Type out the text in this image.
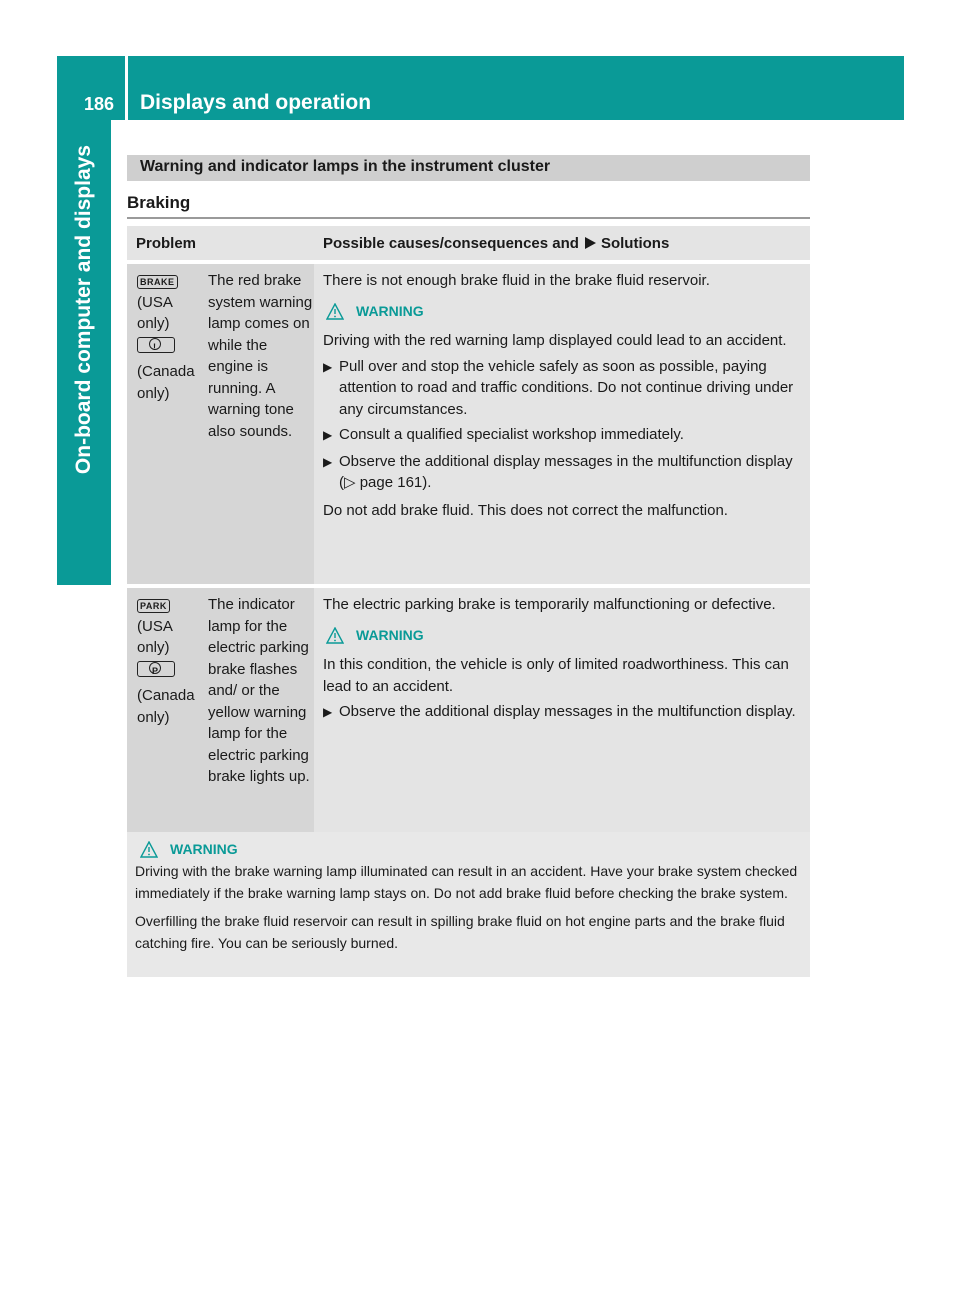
186 Displays and operation
On-board computer and displays	Warning and indicator lamps in the instrument cluster
Braking
Problem	Possible causes/consequences and Solutions
BRAKE
(USA only)
!
(Canada only)
The red brake system warning lamp comes on while the engine is running. A warning tone also sounds.

There is not enough brake fluid in the brake fluid reservoir.

WARNING

Driving with the red warning lamp displayed could lead to an accident.

▶ Pull over and stop the vehicle safely as soon as possible, paying attention to road and traffic conditions. Do not continue driving under any circumstances.
▶ Consult a qualified specialist workshop immediately.
▶ Observe the additional display messages in the multifunction display (▷ page 161).

Do not add brake fluid. This does not correct the malfunction.

PARK
(USA only)
P
(Canada only)
The indicator lamp for the electric parking brake flashes and/ or the yellow warning lamp for the electric parking brake lights up.

The electric parking brake is temporarily malfunctioning or defective.

WARNING

In this condition, the vehicle is only of limited roadworthiness. This can lead to an accident.

▶ Observe the additional display messages in the multifunction display.
WARNING

Driving with the brake warning lamp illuminated can result in an accident. Have your brake system checked immediately if the brake warning lamp stays on. Do not add brake fluid before checking the brake system.

Overfilling the brake fluid reservoir can result in spilling brake fluid on hot engine parts and the brake fluid catching fire. You can be seriously burned.
